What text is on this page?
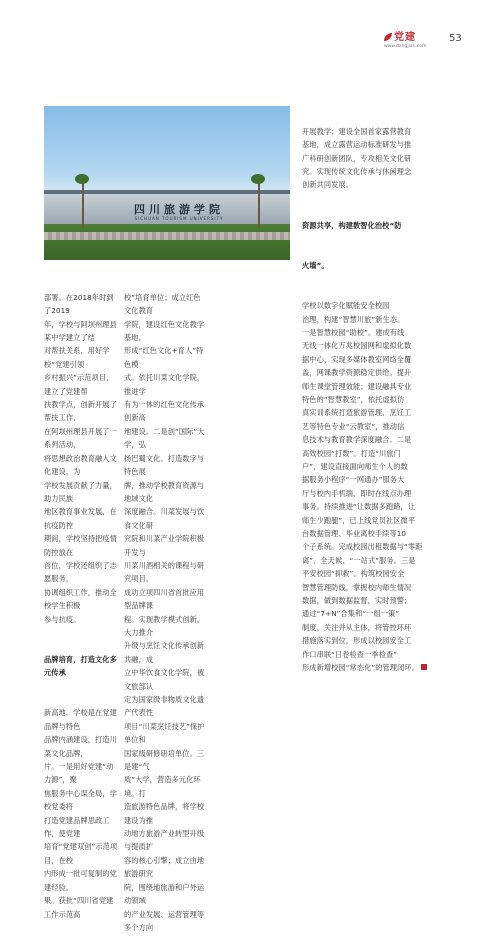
党建
www.dangjian.com
53
四川旅游学院
SICHUAN TOURISM UNIVERSITY

部署。在2018年时到了2019

年，学校与阿坝州理县某中学建立了结

对帮扶关系，用好学校“党建引领

乡村振兴”示范项目，建立了党建帮

扶教学点，创新开展了帮扶工作，

在阿坝州理县开展了一系列活动，

将思想政治教育融入文化建设，为

学校发展贡献了力量，助力民族

地区教育事业发展，在抗疫防控

期间，学校坚持把疫情防控放在

首位，学校还组织了志愿服务，

协调组织工作，推动全校学生积极

参与抗疫。

品牌培育，打造文化多元传承

新高地。学校是在党建品牌与特色

品牌内涵建设，打造川菜文化品牌，

片。一是用好党建“动力源”，聚

焦服务中心谋全局，学校党委将

打造党建品牌思政工作，使党建

培育“党建双创”示范项目，在校

内形成一批可复制的党建经验，

果。获批“四川省党建工作示范高

校”培育单位；成立红色文化教育

学院，建设红色文化教学基地，

形成“红色文化+育人”特色模

式。依托川菜文化学院，推进学

有为一体的红色文化传承创新高

地建设。二是创“国际”大学，弘

扬巴蜀文化。打造数字与特色展

牌，推动学校教育资源与地域文化

深度融合。川菜发展与饮食文化研

究院和川菜产业学院积极开发与

川菜川酒相关的课程与研究项目，

成功立项四川省首批应用型品牌课

程。实现教学模式创新，大力推介

升级与烹饪文化传承创新共融，成

立中华饮食文化学院，被文旅部认

定为国家级非物质文化遗产代表性

项目“川菜烹饪技艺”保护单位和

国家级研修研培单位。三是建“气

质”大学，营造多元化环境。打

造旅游特色品牌，将学校建设为推

动地方旅游产业转型升级与提质扩

容的核心引擎；成立由地旅游研究

院，围绕地旅游和户外运动领域

的产业发展、运营管理等多个方向

开展教学；建设全国首家露营教育

基地，成立露营运动标准研发与推

广科研创新团队，专攻相关文化研

究。实现传统文化传承与休闲理念

创新共同发展。

资源共享，构建数智化治校“防

火墙”。

学校以数字化赋能安全校园

治理，构建“智慧川旅”新生态。

一是智慧校园“助校”。建成有线

无线一体化万兆校园网和虚拟化数

据中心，实现多媒体教室网络全覆

盖，网课教学资源稳定供给。提升

师生课堂管理效能；建设融具专业

特色的“智慧教室”，依托虚拟仿

真实训系统打造旅游管理、烹饪工

艺等特色专业“云教室”，推动信

息技术与教育教学深度融合。二是

高效校园“打数”。打造“川旅门

户”，建设直接面向师生个人的数

据服务小程序“一网通办”服务大

厅与校内手机端，即时在线点办理

事务。持续推进“让数据多跑路，让

师生少跑腿”，已上线党员社区微平

台数据管理、毕业离校手续等10

个子系统。完成校园出租数据与“零距

离”、全天候、“一站式”服务。三是

平安校园“抑救”。构筑校园安全

智慧管理防线，掌握校内师生情况

数据，做到数据监督，实时预警；

通过“7+N”合集和“一组一策”

制度，关注并从主体，将管控环环

措施落实到位，形成以校园安全工

作口串联“日卷检查一季检查”

形成新增校园“常态化”的管理闭环。
